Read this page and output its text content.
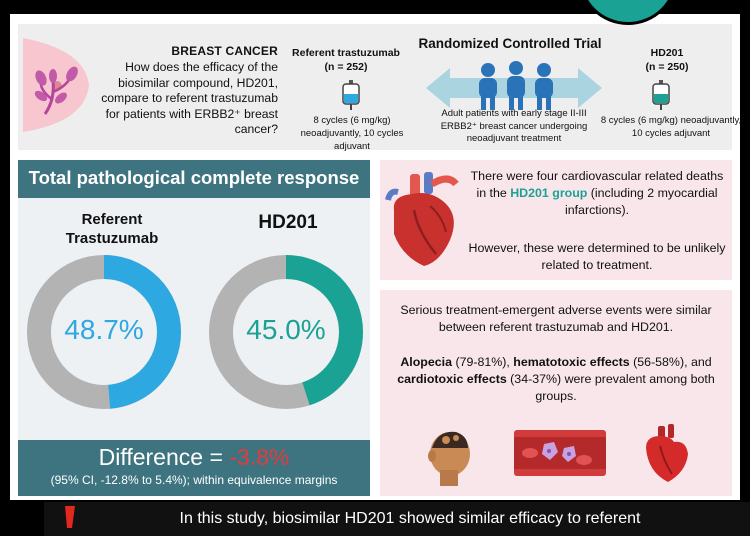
BREAST CANCER
How does the efficacy of the biosimilar compound, HD201, compare to referent trastuzumab for patients with ERBB2⁺ breast cancer?
Randomized Controlled Trial
Referent trastuzumab
(n = 252)
HD201
(n = 250)
Adult patients with early stage II-III ERBB2⁺ breast cancer undergoing neoadjuvant treatment
8 cycles (6 mg/kg) neoadjuvantly, 10 cycles adjuvant
8 cycles (6 mg/kg) neoadjuvantly, 10 cycles adjuvant
Total pathological complete response
Referent Trastuzumab
HD201
48.7%	45.0%
Difference = -3.8%
(95% CI, -12.8% to 5.4%); within equivalence margins
There were four cardiovascular related deaths in the HD201 group (including 2 myocardial infarctions).
However, these were determined to be unlikely related to treatment.
Serious treatment-emergent adverse events were similar between referent trastuzumab and HD201.
Alopecia (79-81%), hematotoxic effects (56-58%), and cardiotoxic effects (34-37%) were prevalent among both groups.
In this study, biosimilar HD201 showed similar efficacy to referent
